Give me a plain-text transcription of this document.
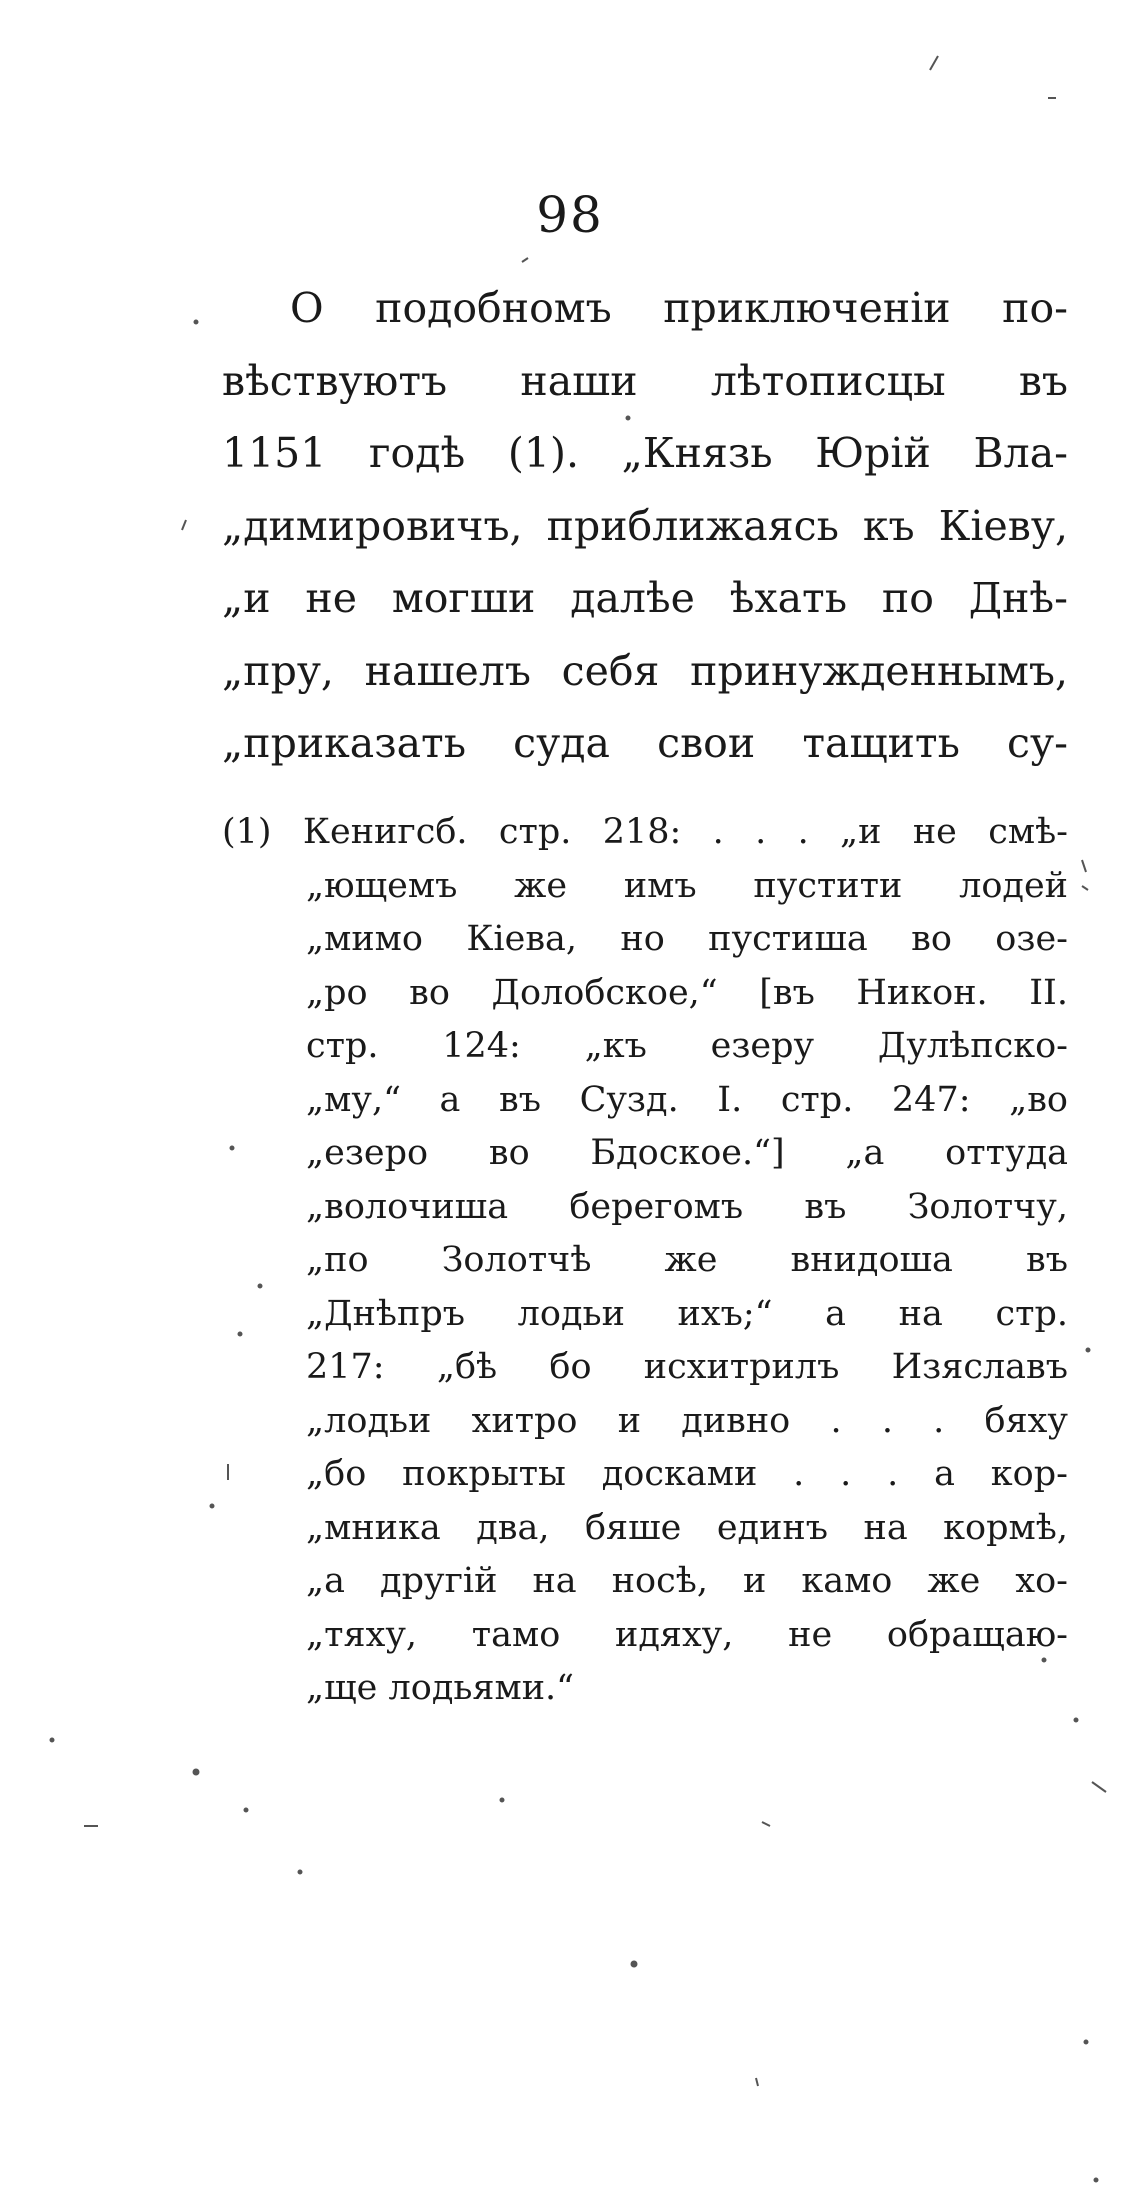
98
О подобномъ приключеніи по-
вѣствуютъ наши лѣтописцы въ
1151 годѣ (1). „Князь Юрій Вла-
„димировичъ, приближаясь къ Кіеву,
„и не могши далѣе ѣхать по Днѣ-
„пру, нашелъ себя принужденнымъ,
„приказать суда свои тащить су-
(1) Кенигсб. стр. 218: . . . „и не смѣ-
„ющемъ же имъ пустити лодей
„мимо Кіева, но пустиша во озе-
„ро во Долобское,“ [въ Никон. II.
стр. 124: „къ езеру Дулѣпско-
„му,“ а въ Сузд. I. стр. 247: „во
„езеро во Бдоское.“] „а оттуда
„волочиша берегомъ въ Золотчу,
„по Золотчѣ же внидоша въ
„Днѣпръ лодьи ихъ;“ а на стр.
217: „бѣ бо исхитрилъ Изяславъ
„лодьи хитро и дивно . . . бяху
„бо покрыты досками . . . а кор-
„мника два, бяше единъ на кормѣ,
„а другій на носѣ, и камо же хо-
„тяху, тамо идяху, не обращаю-
„ще лодьями.“
